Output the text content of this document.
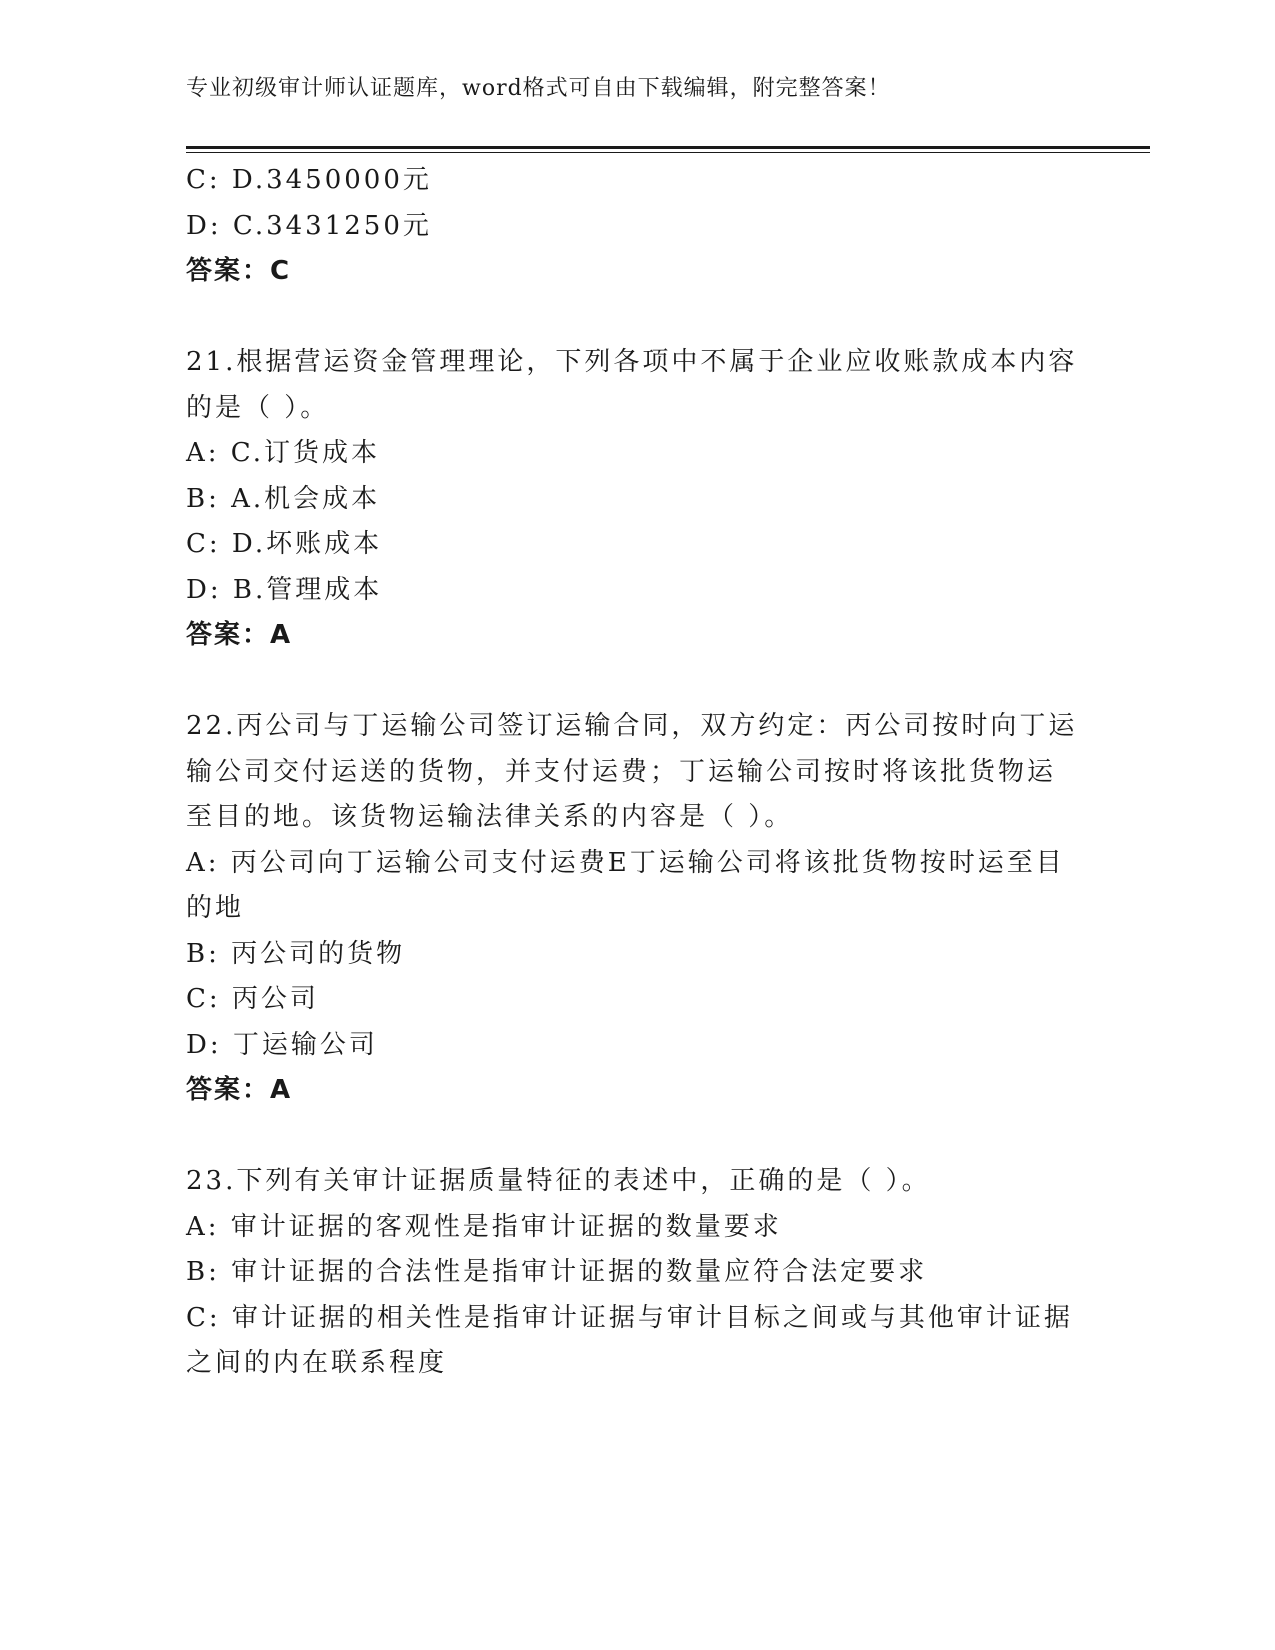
专业初级审计师认证题库，word格式可自由下载编辑，附完整答案！
C: D.3450000元
D: C.3431250元
答案：C
21.根据营运资金管理理论，下列各项中不属于企业应收账款成本内容
的是（ ）。
A: C.订货成本
B: A.机会成本
C: D.坏账成本
D: B.管理成本
答案：A
22.丙公司与丁运输公司签订运输合同，双方约定：丙公司按时向丁运
输公司交付运送的货物，并支付运费；丁运输公司按时将该批货物运
至目的地。该货物运输法律关系的内容是（ ）。
A: 丙公司向丁运输公司支付运费E丁运输公司将该批货物按时运至目
的地
B: 丙公司的货物
C: 丙公司
D: 丁运输公司
答案：A
23.下列有关审计证据质量特征的表述中，正确的是（ ）。
A: 审计证据的客观性是指审计证据的数量要求
B: 审计证据的合法性是指审计证据的数量应符合法定要求
C: 审计证据的相关性是指审计证据与审计目标之间或与其他审计证据
之间的内在联系程度
